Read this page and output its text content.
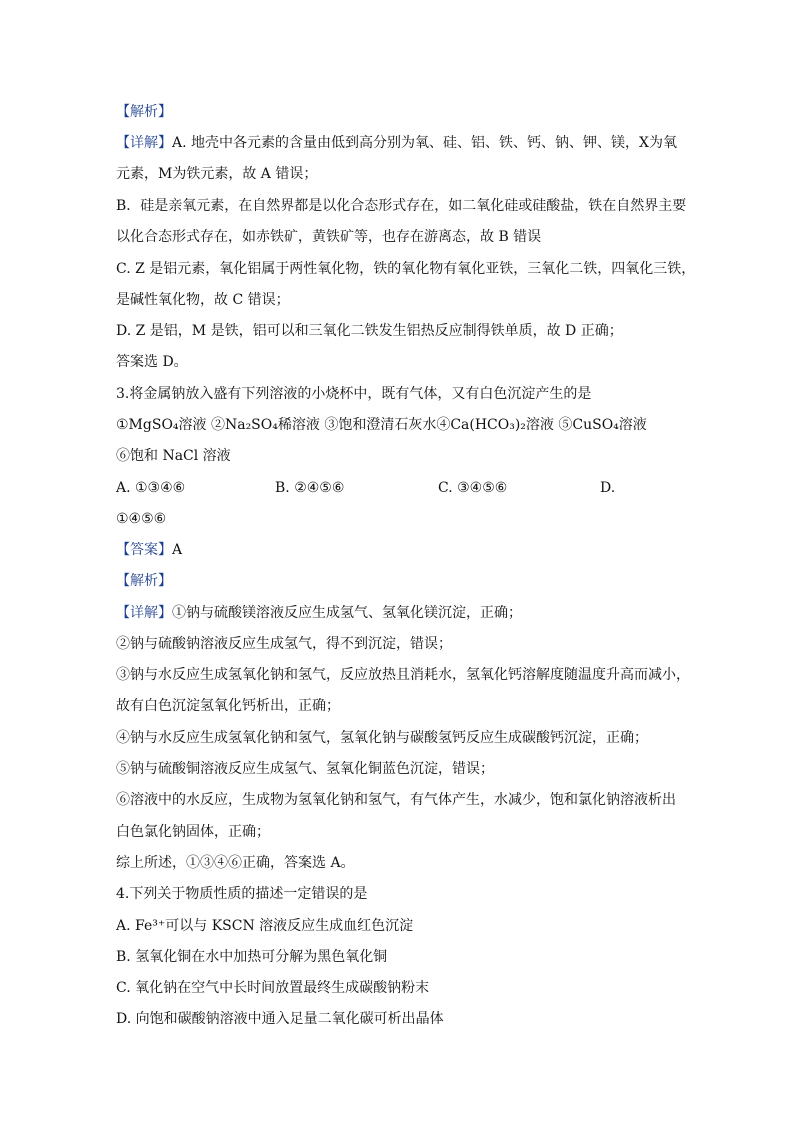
【解析】
【详解】A. 地壳中各元素的含量由低到高分别为氧、硅、铝、铁、钙、钠、钾、镁，X为氧
元素，M为铁元素，故 A 错误；
B．硅是亲氧元素，在自然界都是以化合态形式存在，如二氧化硅或硅酸盐，铁在自然界主要
以化合态形式存在，如赤铁矿，黄铁矿等，也存在游离态，故 B 错误
C. Z 是铝元素，氧化铝属于两性氧化物，铁的氧化物有氧化亚铁，三氧化二铁，四氧化三铁，
是碱性氧化物，故 C 错误；
D. Z 是铝，M 是铁，铝可以和三氧化二铁发生铝热反应制得铁单质，故 D 正确；
答案选 D。
3.将金属钠放入盛有下列溶液的小烧杯中，既有气体，又有白色沉淀产生的是
①MgSO₄溶液 ②Na₂SO₄稀溶液 ③饱和澄清石灰水④Ca(HCO₃)₂溶液 ⑤CuSO₄溶液
⑥饱和 NaCl 溶液
A. ①③④⑥	B. ②④⑤⑥	C. ③④⑤⑥	D.
①④⑤⑥
【答案】A
【解析】
【详解】①钠与硫酸镁溶液反应生成氢气、氢氧化镁沉淀，正确；
②钠与硫酸钠溶液反应生成氢气，得不到沉淀，错误；
③钠与水反应生成氢氧化钠和氢气，反应放热且消耗水，氢氧化钙溶解度随温度升高而减小，
故有白色沉淀氢氧化钙析出，正确；
④钠与水反应生成氢氧化钠和氢气，氢氧化钠与碳酸氢钙反应生成碳酸钙沉淀，正确；
⑤钠与硫酸铜溶液反应生成氢气、氢氧化铜蓝色沉淀，错误；
⑥溶液中的水反应，生成物为氢氧化钠和氢气，有气体产生，水减少，饱和氯化钠溶液析出
白色氯化钠固体，正确；
综上所述，①③④⑥正确，答案选 A。
4.下列关于物质性质的描述一定错误的是
A. Fe³⁺可以与 KSCN 溶液反应生成血红色沉淀
B. 氢氧化铜在水中加热可分解为黑色氧化铜
C. 氧化钠在空气中长时间放置最终生成碳酸钠粉末
D. 向饱和碳酸钠溶液中通入足量二氧化碳可析出晶体
